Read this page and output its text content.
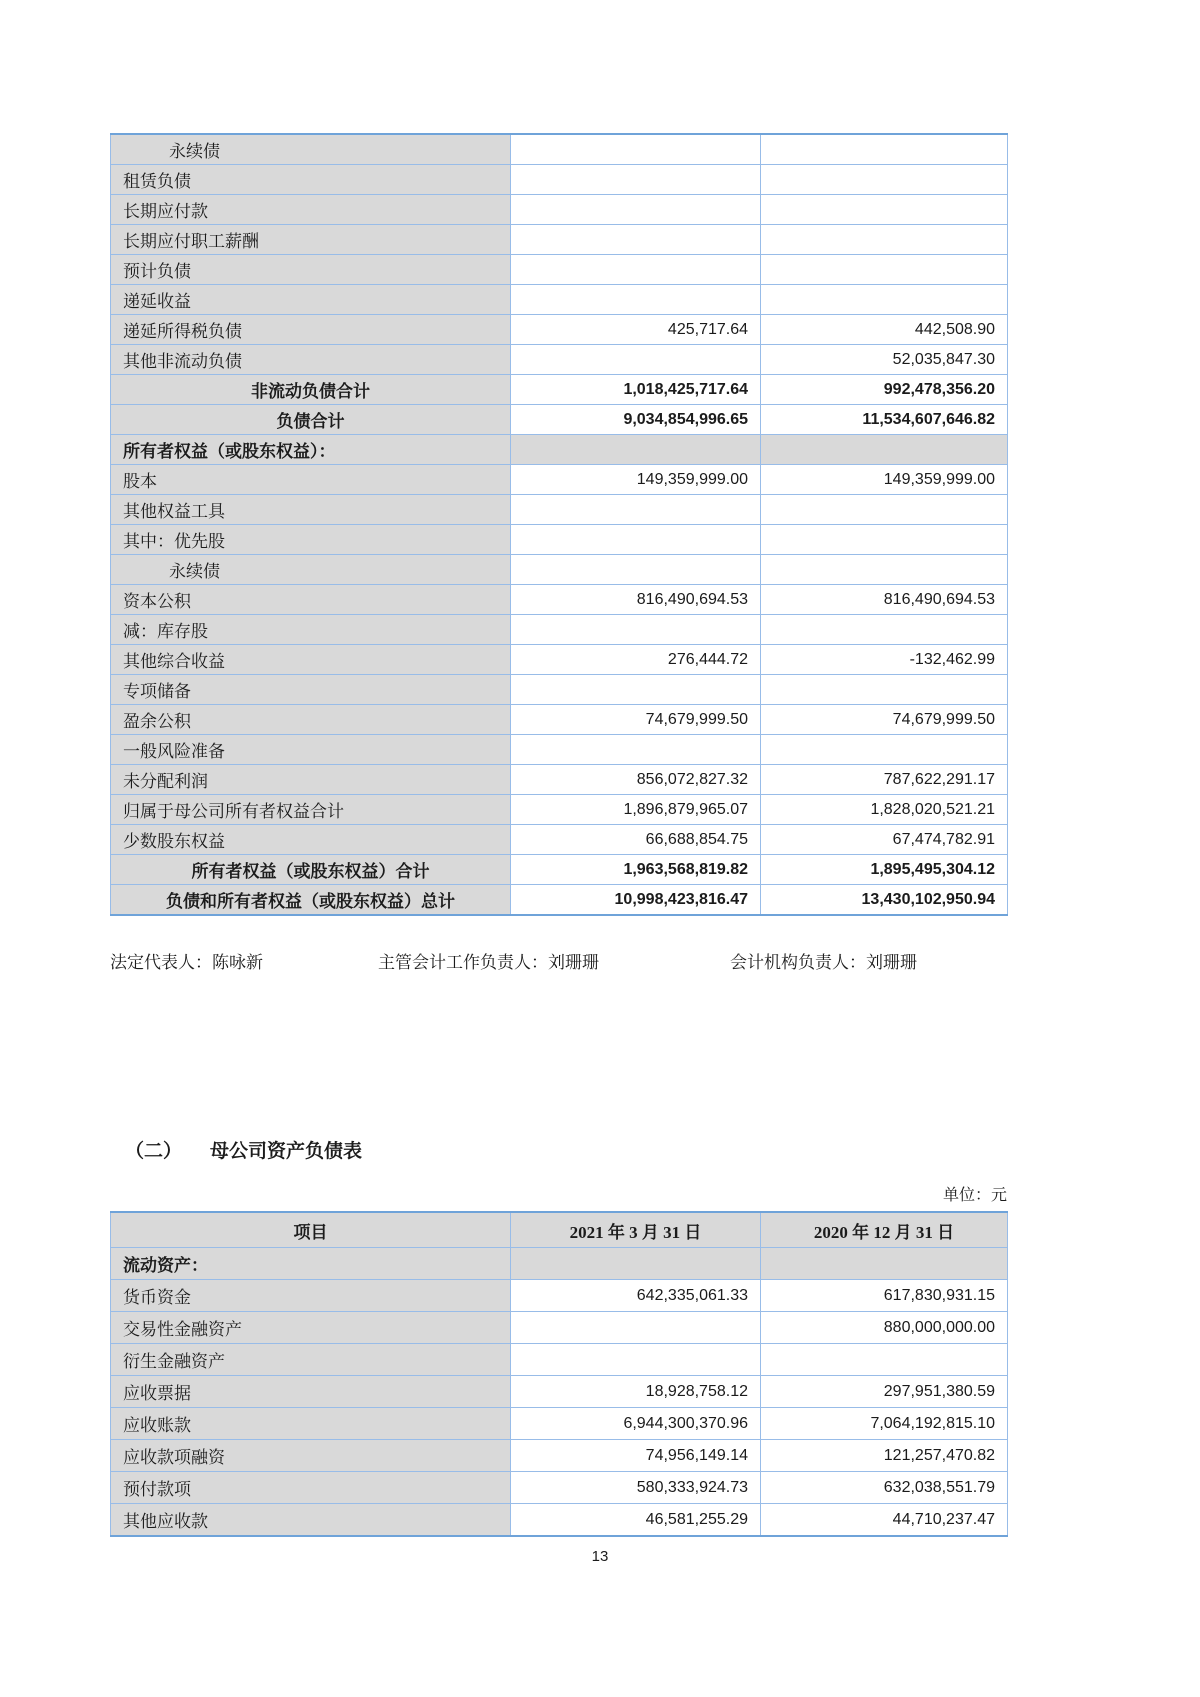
永续债		
租赁负债		
长期应付款		
长期应付职工薪酬		
预计负债		
递延收益		
递延所得税负债	425,717.64	442,508.90
其他非流动负债		52,035,847.30
非流动负债合计	1,018,425,717.64	992,478,356.20
负债合计	9,034,854,996.65	11,534,607,646.82
所有者权益（或股东权益）：		
股本	149,359,999.00	149,359,999.00
其他权益工具		
其中：优先股		
永续债		
资本公积	816,490,694.53	816,490,694.53
减：库存股		
其他综合收益	276,444.72	-132,462.99
专项储备		
盈余公积	74,679,999.50	74,679,999.50
一般风险准备		
未分配利润	856,072,827.32	787,622,291.17
归属于母公司所有者权益合计	1,896,879,965.07	1,828,020,521.21
少数股东权益	66,688,854.75	67,474,782.91
所有者权益（或股东权益）合计	1,963,568,819.82	1,895,495,304.12
负债和所有者权益（或股东权益）总计	10,998,423,816.47	13,430,102,950.94
法定代表人：陈咏新	主管会计工作负责人：刘珊珊	会计机构负责人：刘珊珊
（二） 母公司资产负债表
单位：元
项目	2021 年 3 月 31 日	2020 年 12 月 31 日
流动资产：		
货币资金	642,335,061.33	617,830,931.15
交易性金融资产		880,000,000.00
衍生金融资产		
应收票据	18,928,758.12	297,951,380.59
应收账款	6,944,300,370.96	7,064,192,815.10
应收款项融资	74,956,149.14	121,257,470.82
预付款项	580,333,924.73	632,038,551.79
其他应收款	46,581,255.29	44,710,237.47
13
